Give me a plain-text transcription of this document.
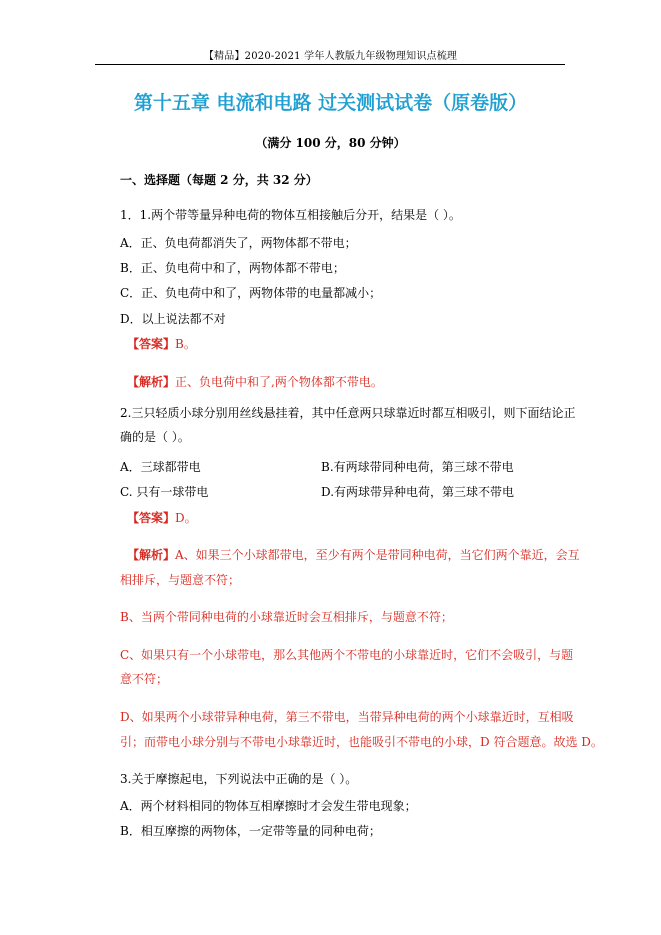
【精品】2020-2021 学年人教版九年级物理知识点梳理
第十五章 电流和电路 过关测试试卷（原卷版）
（满分 100 分，80 分钟）
一、选择题（每题 2 分，共 32 分）
1．1.两个带等量异种电荷的物体互相接触后分开，结果是（ ）。
A．正、负电荷都消失了，两物体都不带电；
B．正、负电荷中和了，两物体都不带电；
C．正、负电荷中和了，两物体带的电量都减小；
D．以上说法都不对
【答案】B。
【解析】正、负电荷中和了,两个物体都不带电。
2.三只轻质小球分别用丝线悬挂着，其中任意两只球靠近时都互相吸引，则下面结论正
确的是（ ）。
A．三球都带电	B.有两球带同种电荷，第三球不带电
C. 只有一球带电	D.有两球带异种电荷，第三球不带电
【答案】D。
【解析】A、如果三个小球都带电，至少有两个是带同种电荷，当它们两个靠近，会互
相排斥，与题意不符；
B、当两个带同种电荷的小球靠近时会互相排斥，与题意不符；
C、如果只有一个小球带电，那么其他两个不带电的小球靠近时，它们不会吸引，与题
意不符；
D、如果两个小球带异种电荷，第三不带电，当带异种电荷的两个小球靠近时，互相吸
引；而带电小球分别与不带电小球靠近时，也能吸引不带电的小球，D 符合题意。故选 D。
3.关于摩擦起电，下列说法中正确的是（ ）。
A．两个材料相同的物体互相摩擦时才会发生带电现象；
B．相互摩擦的两物体，一定带等量的同种电荷；
